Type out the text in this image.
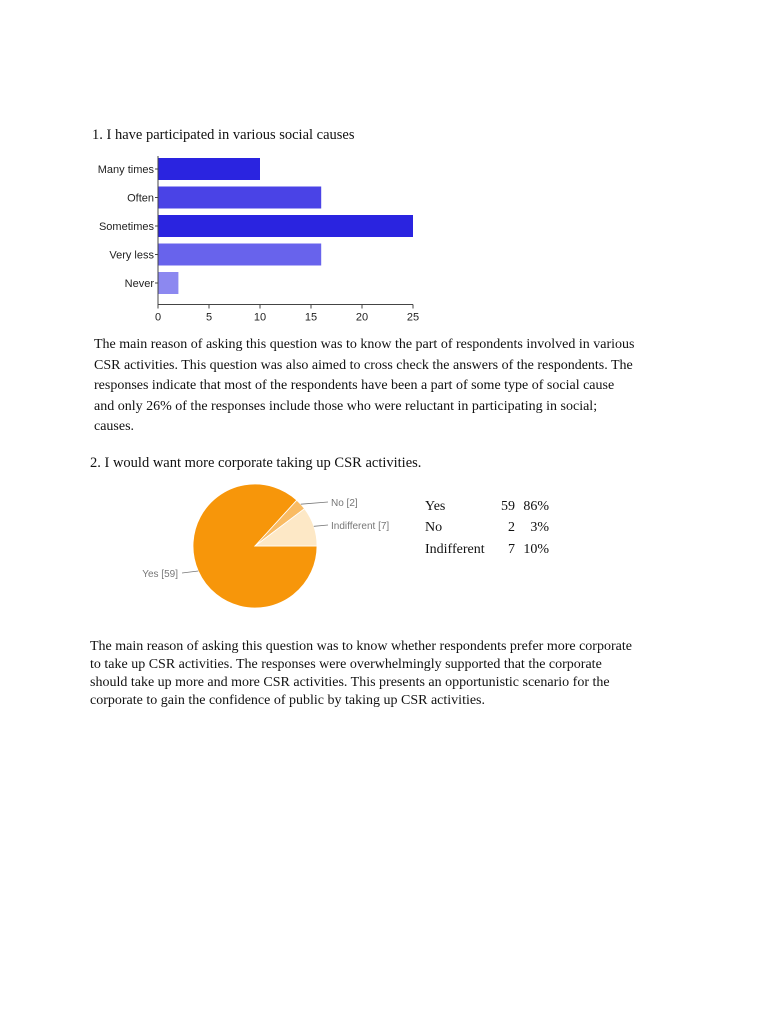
1. I have participated in various social causes

Many times
Often
Sometimes
Very less
Never
0	5	10	15	20	25
The main reason of asking this question was to know the part of respondents involved in various
CSR activities. This question was also aimed to cross check the answers of the respondents. The
responses indicate that most of the respondents have been a part of some type of social cause
and only 26% of the responses include those who were reluctant in participating in social;
causes.

2. I would want more corporate taking up CSR activities.

Yes [59]
No [2]
Indifferent [7]
Yes	59	86%
No	2	3%
Indifferent	7	10%
The main reason of asking this question was to know whether respondents prefer more corporate
to take up CSR activities. The responses were overwhelmingly supported that the corporate
should take up more and more CSR activities. This presents an opportunistic scenario for the
corporate to gain the confidence of public by taking up CSR activities.
